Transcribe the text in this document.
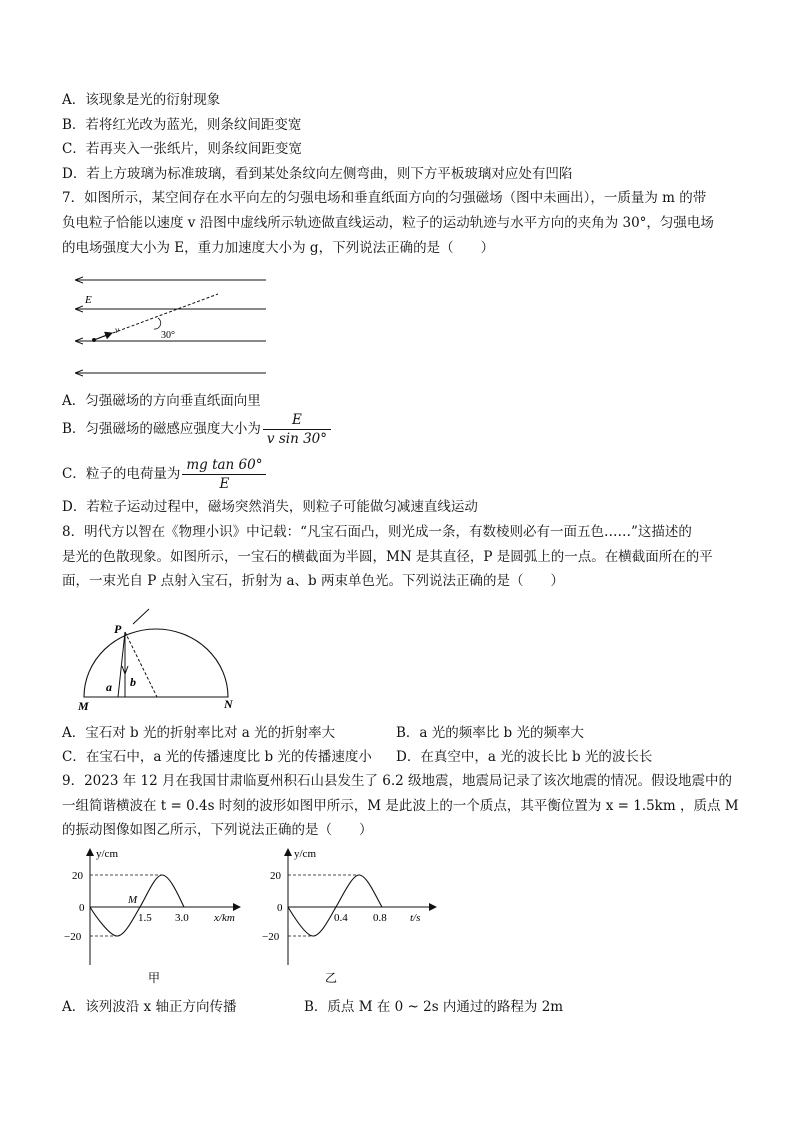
A．该现象是光的衍射现象
B．若将红光改为蓝光，则条纹间距变宽
C．若再夹入一张纸片，则条纹间距变宽
D．若上方玻璃为标准玻璃，看到某处条纹向左侧弯曲，则下方平板玻璃对应处有凹陷
7．如图所示，某空间存在水平向左的匀强电场和垂直纸面方向的匀强磁场（图中未画出），一质量为 m 的带
负电粒子恰能以速度 v 沿图中虚线所示轨迹做直线运动，粒子的运动轨迹与水平方向的夹角为 30°，匀强电场
的电场强度大小为 E，重力加速度大小为 g，下列说法正确的是（　　）
E
v	30°
A．匀强磁场的方向垂直纸面向里
B．匀强磁场的磁感应强度大小为 $\frac{E}{\text{v sin 30°}}$
C．粒子的电荷量为 $\frac{\text{mg tan 60°}}{E}$
D．若粒子运动过程中，磁场突然消失，则粒子可能做匀减速直线运动
8．明代方以智在《物理小识》中记载：“凡宝石面凸，则光成一条，有数棱则必有一面五色……”这描述的
是光的色散现象。如图所示，一宝石的横截面为半圆，MN 是其直径，P 是圆弧上的一点。在横截面所在的平
面，一束光自 P 点射入宝石，折射为 a、b 两束单色光。下列说法正确的是（　　）
P
M	N
a b
A．宝石对 b 光的折射率比对 a 光的折射率大	B．a 光的频率比 b 光的频率大
C．在宝石中，a 光的传播速度比 b 光的传播速度小 D．在真空中，a 光的波长比 b 光的波长长
9．2023 年 12 月在我国甘肃临夏州积石山县发生了 6.2 级地震，地震局记录了该次地震的情况。假设地震中的
一组简谐横波在 t = 0.4s 时刻的波形如图甲所示，M 是此波上的一个质点，其平衡位置为 x = 1.5km ，质点 M
的振动图像如图乙所示，下列说法正确的是（　　）
y/cm
20
0
−20
1.5 3.0 x/km
M
甲
y/cm
20
0
−20
0.4 0.8 t/s
乙
A．该列波沿 x 轴正方向传播	B．质点 M 在 0 ~ 2s 内通过的路程为 2m
